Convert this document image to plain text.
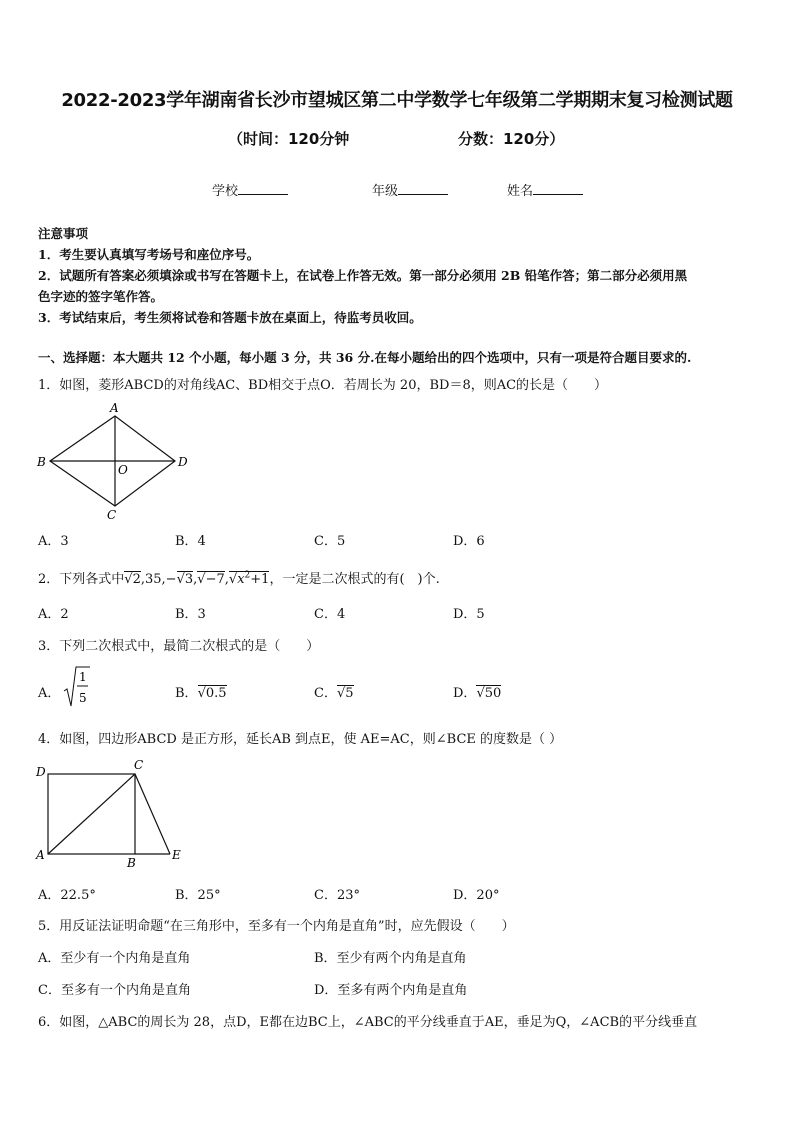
2022-2023学年湖南省长沙市望城区第二中学数学七年级第二学期期末复习检测试题
（时间：120分钟	分数：120分）
学校	年级	姓名
注意事项
1．考生要认真填写考场号和座位序号。
2．试题所有答案必须填涂或书写在答题卡上，在试卷上作答无效。第一部分必须用 2B 铅笔作答；第二部分必须用黑
色字迹的签字笔作答。
3．考试结束后，考生须将试卷和答题卡放在桌面上，待监考员收回。
一、选择题：本大题共 12 个小题，每小题 3 分，共 36 分.在每小题给出的四个选项中，只有一项是符合题目要求的.
1．如图，菱形ABCD的对角线AC、BD相交于点O．若周长为 20，BD＝8，则AC的长是（　　）
A
B	D
C
O
A．3	B．4	C．5	D．6
2．下列各式中$√2,35,-√3,√-7,√x^2+1$，一定是二次根式的有(　)个.
A．2	B．3	C．4	D．5
3．下列二次根式中，最简二次根式的是（　　）
A．
1
5	B．√0.5	C．√5	D．√50
4．如图，四边形ABCD 是正方形，延长AB 到点E，使 AE=AC，则∠BCE 的度数是（ ）
D	C
A
B
E
A．22.5°	B．25°	C．23°	D．20°
5．用反证法证明命题“在三角形中，至多有一个内角是直角”时，应先假设（　　）
A．至少有一个内角是直角	B．至少有两个内角是直角
C．至多有一个内角是直角	D．至多有两个内角是直角
6．如图，△ABC的周长为 28，点D，E都在边BC上，∠ABC的平分线垂直于AE，垂足为Q，∠ACB的平分线垂直
